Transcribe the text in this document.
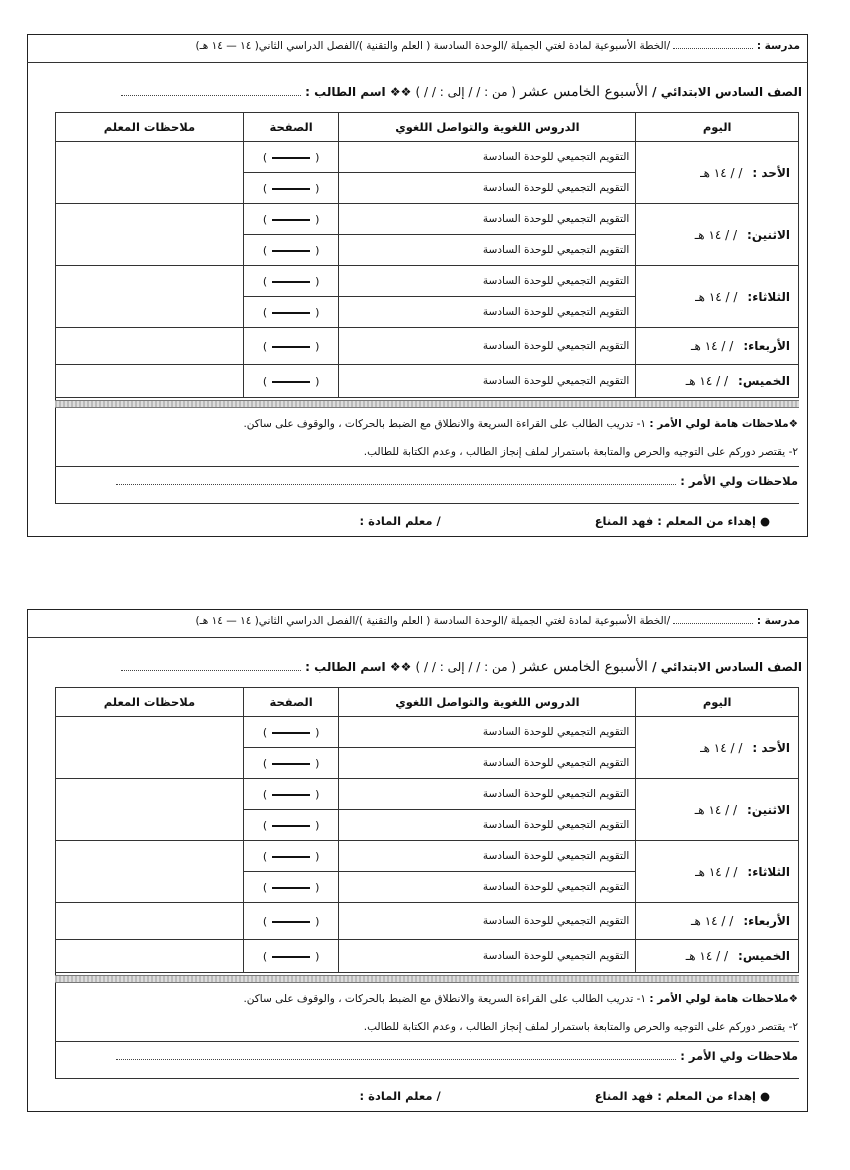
مدرسة :  /الخطة الأسبوعية لمادة لغتي الجميلة /الوحدة السادسة ( العلم والتقنية )/الفصل الدراسي الثاني( ١٤ — ١٤ هـ)
الصف السادس الابتدائي / الأسبوع الخامس عشر ( من : / / إلى : / / ) ❖❖ اسم الطالب :
اليوم	الدروس اللغوية والتواصل اللغوي	الصفحة	ملاحظات المعلم
الأحد :/ / ١٤ هـ	التقويم التجميعي للوحدة السادسة	()	
	التقويم التجميعي للوحدة السادسة	()	
الاثنين:/ / ١٤ هـ	التقويم التجميعي للوحدة السادسة	()	
	التقويم التجميعي للوحدة السادسة	()	
الثلاثاء:/ / ١٤ هـ	التقويم التجميعي للوحدة السادسة	()	
	التقويم التجميعي للوحدة السادسة	()	
الأربعاء:/ / ١٤ هـ	التقويم التجميعي للوحدة السادسة	()	
الخميس:/ / ١٤ هـ	التقويم التجميعي للوحدة السادسة	()	
❖ملاحظات هامة لولي الأمر : ١- تدريب الطالب على القراءة السريعة والانطلاق مع الضبط بالحركات ، والوقوف على ساكن.
٢- يقتصر دوركم على التوجيه والحرص والمتابعة باستمرار لملف إنجاز الطالب ، وعدم الكتابة للطالب.
ملاحظات ولي الأمر :
● إهداء من المعلم : فهد المناع / معلم المادة :
مدرسة :  /الخطة الأسبوعية لمادة لغتي الجميلة /الوحدة السادسة ( العلم والتقنية )/الفصل الدراسي الثاني( ١٤ — ١٤ هـ)
الصف السادس الابتدائي / الأسبوع الخامس عشر ( من : / / إلى : / / ) ❖❖ اسم الطالب :
اليوم	الدروس اللغوية والتواصل اللغوي	الصفحة	ملاحظات المعلم
الأحد :/ / ١٤ هـ	التقويم التجميعي للوحدة السادسة	()	
	التقويم التجميعي للوحدة السادسة	()	
الاثنين:/ / ١٤ هـ	التقويم التجميعي للوحدة السادسة	()	
	التقويم التجميعي للوحدة السادسة	()	
الثلاثاء:/ / ١٤ هـ	التقويم التجميعي للوحدة السادسة	()	
	التقويم التجميعي للوحدة السادسة	()	
الأربعاء:/ / ١٤ هـ	التقويم التجميعي للوحدة السادسة	()	
الخميس:/ / ١٤ هـ	التقويم التجميعي للوحدة السادسة	()	
❖ملاحظات هامة لولي الأمر : ١- تدريب الطالب على القراءة السريعة والانطلاق مع الضبط بالحركات ، والوقوف على ساكن.
٢- يقتصر دوركم على التوجيه والحرص والمتابعة باستمرار لملف إنجاز الطالب ، وعدم الكتابة للطالب.
ملاحظات ولي الأمر :
● إهداء من المعلم : فهد المناع / معلم المادة :
